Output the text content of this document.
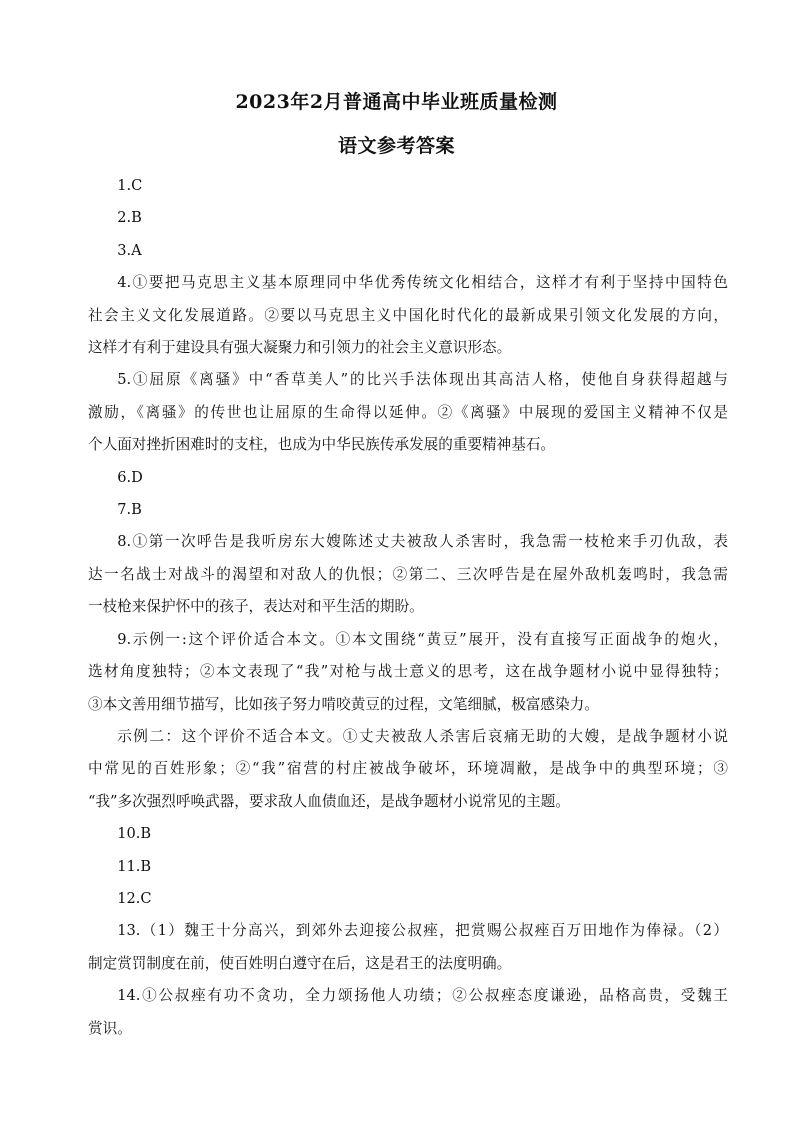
2023年2月普通高中毕业班质量检测
语文参考答案
1.C
2.B
3.A
4.①要把马克思主义基本原理同中华优秀传统文化相结合，这样才有利于坚持中国特色
社会主义文化发展道路。②要以马克思主义中国化时代化的最新成果引领文化发展的方向，
这样才有利于建设具有强大凝聚力和引领力的社会主义意识形态。
5.①屈原《离骚》中“香草美人”的比兴手法体现出其高洁人格，使他自身获得超越与
激励，《离骚》的传世也让屈原的生命得以延伸。②《离骚》中展现的爱国主义精神不仅是
个人面对挫折困难时的支柱，也成为中华民族传承发展的重要精神基石。
6.D
7.B
8.①第一次呼告是我听房东大嫂陈述丈夫被敌人杀害时，我急需一枝枪来手刃仇敌，表
达一名战士对战斗的渴望和对敌人的仇恨；②第二、三次呼告是在屋外敌机轰鸣时，我急需
一枝枪来保护怀中的孩子，表达对和平生活的期盼。
9.示例一:这个评价适合本文。①本文围绕“黄豆”展开，没有直接写正面战争的炮火，
选材角度独特；②本文表现了“我”对枪与战士意义的思考，这在战争题材小说中显得独特；
③本文善用细节描写，比如孩子努力啃咬黄豆的过程，文笔细腻，极富感染力。
示例二：这个评价不适合本文。①丈夫被敌人杀害后哀痛无助的大嫂，是战争题材小说
中常见的百姓形象；②“我”宿营的村庄被战争破坏，环境凋敝，是战争中的典型环境；③
“我”多次强烈呼唤武器，要求敌人血债血还，是战争题材小说常见的主题。
10.B
11.B
12.C
13.（1）魏王十分高兴，到郊外去迎接公叔痤，把赏赐公叔痤百万田地作为俸禄。（2）
制定赏罚制度在前，使百姓明白遵守在后，这是君王的法度明确。
14.①公叔痤有功不贪功，全力颂扬他人功绩；②公叔痤态度谦逊，品格高贵，受魏王
赏识。
